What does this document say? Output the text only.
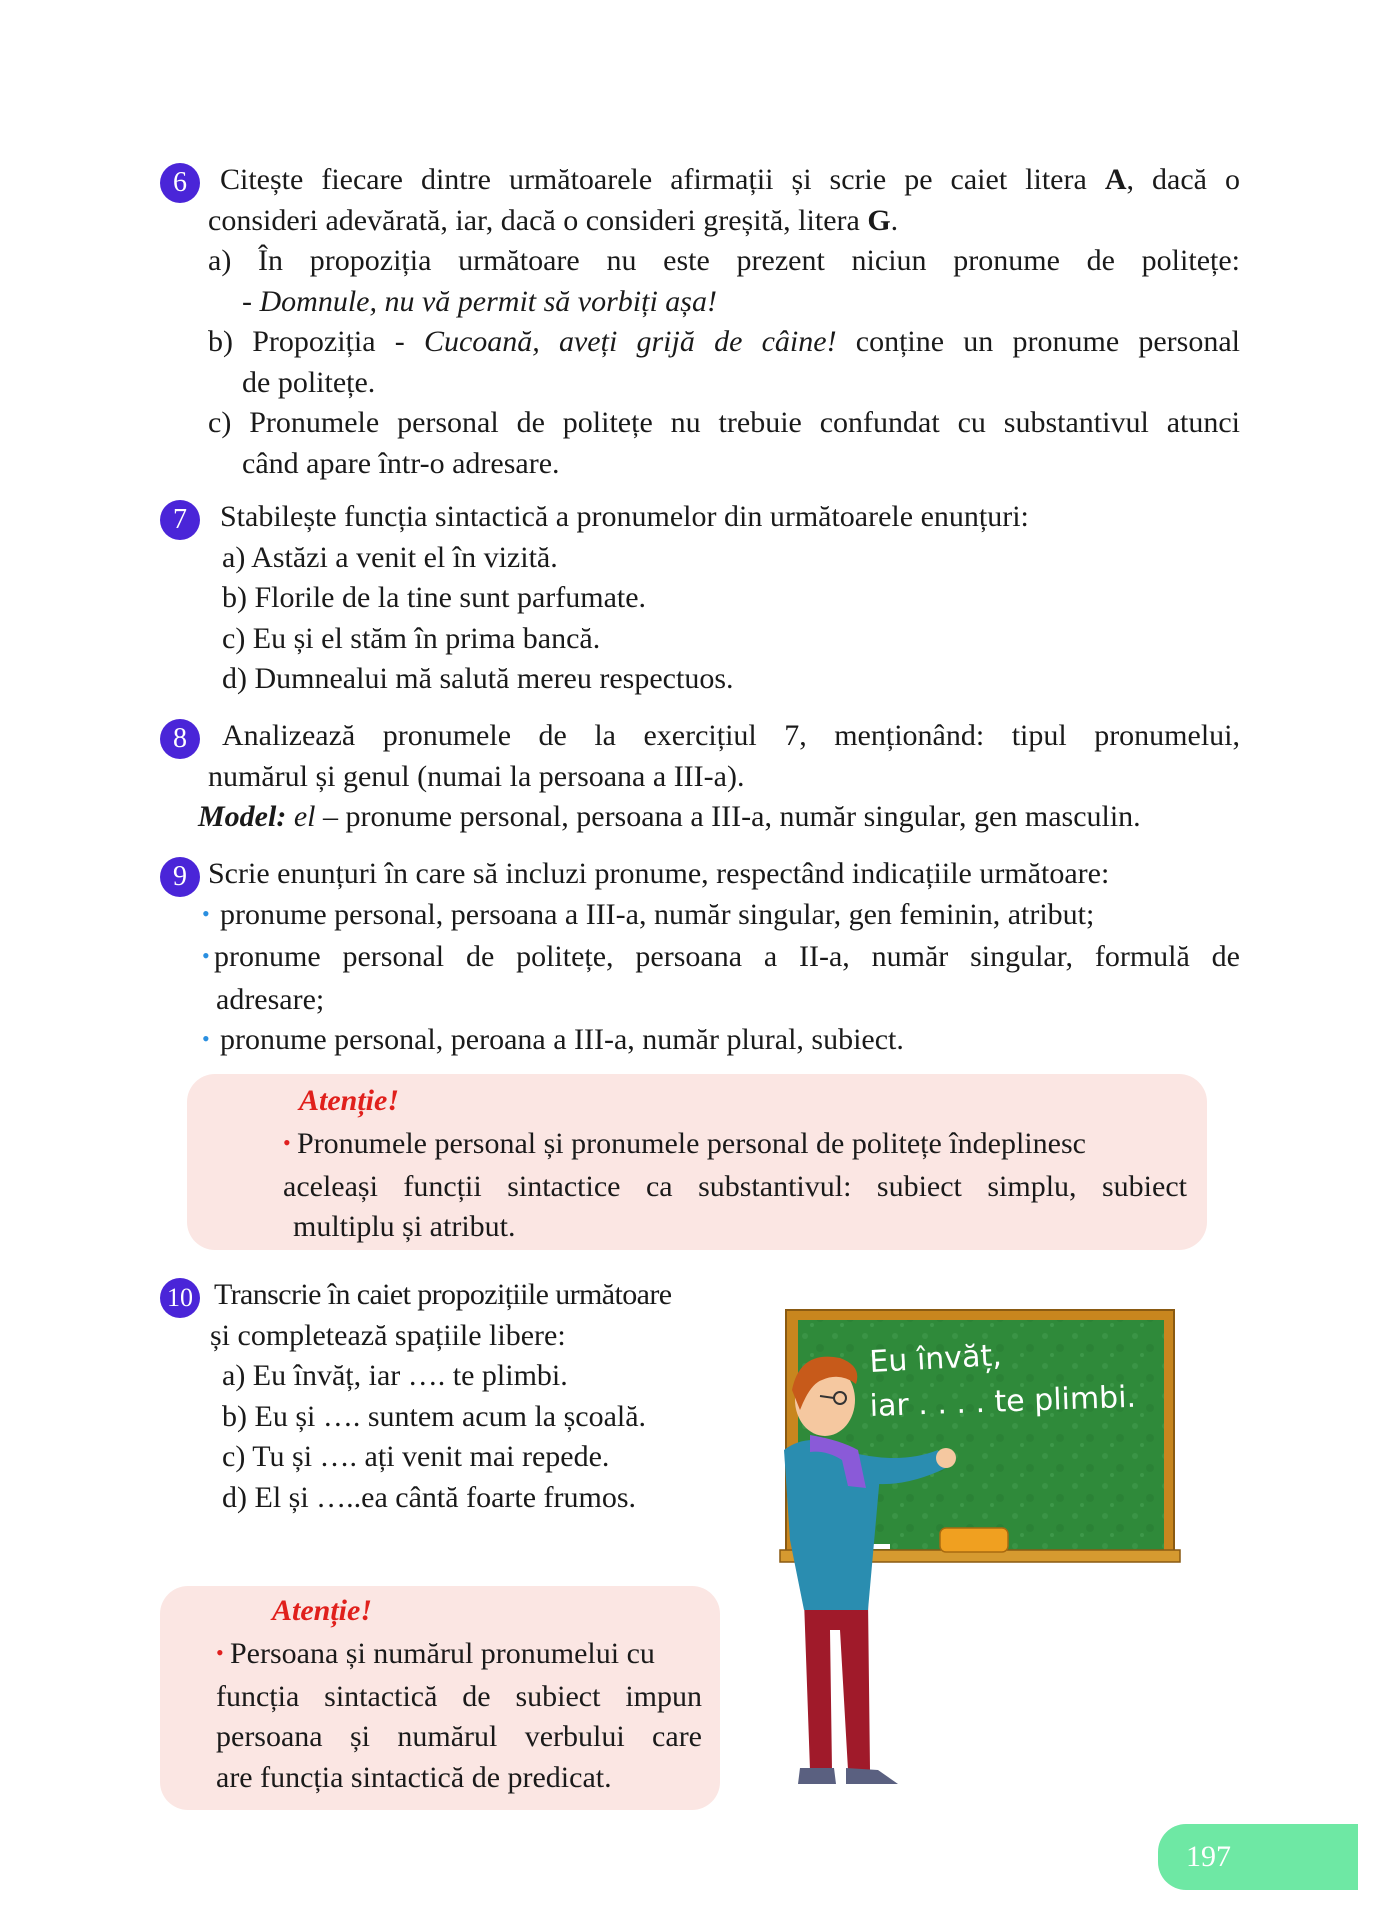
6	Citește fiecare dintre următoarele afirmații și scrie pe caiet litera A, dacă o
consideri adevărată, iar, dacă o consideri greșită, litera G.
a) În propoziția următoare nu este prezent niciun pronume de politețe:
- Domnule, nu vă permit să vorbiți așa!
b) Propoziția - Cucoană, aveți grijă de câine! conține un pronume personal
de politețe.
c) Pronumele personal de politețe nu trebuie confundat cu substantivul atunci
când apare într-o adresare.
7	Stabilește funcția sintactică a pronumelor din următoarele enunțuri:
a) Astăzi a venit el în vizită.
b) Florile de la tine sunt parfumate.
c) Eu și el stăm în prima bancă.
d) Dumnealui mă salută mereu respectuos.
8	Analizează pronumele de la exercițiul 7, menționând: tipul pronumelui,
numărul și genul (numai la persoana a III-a).
Model: el – pronume personal, persoana a III-a, număr singular, gen masculin.
9 Scrie enunțuri în care să incluzi pronume, respectând indicațiile următoare:
• pronume personal, persoana a III-a, număr singular, gen feminin, atribut;
• pronume personal de politețe, persoana a II-a, număr singular, formulă de
adresare;
• pronume personal, peroana a III-a, număr plural, subiect.
Atenție!
• Pronumele personal și pronumele personal de politețe îndeplinesc
aceleași funcții sintactice ca substantivul: subiect simplu, subiect
multiplu și atribut.
10 Transcrie în caiet propozițiile următoare
și completează spațiile libere:
a) Eu învăț, iar …. te plimbi.
b) Eu și …. suntem acum la școală.
c) Tu și …. ați venit mai repede.
d) El și …..ea cântă foarte frumos.
Atenție!
• Persoana și numărul pronumelui cu
funcția sintactică de subiect impun
persoana și numărul verbului care
are funcția sintactică de predicat.
Eu învăț,
iar . . . . te plimbi.
197
